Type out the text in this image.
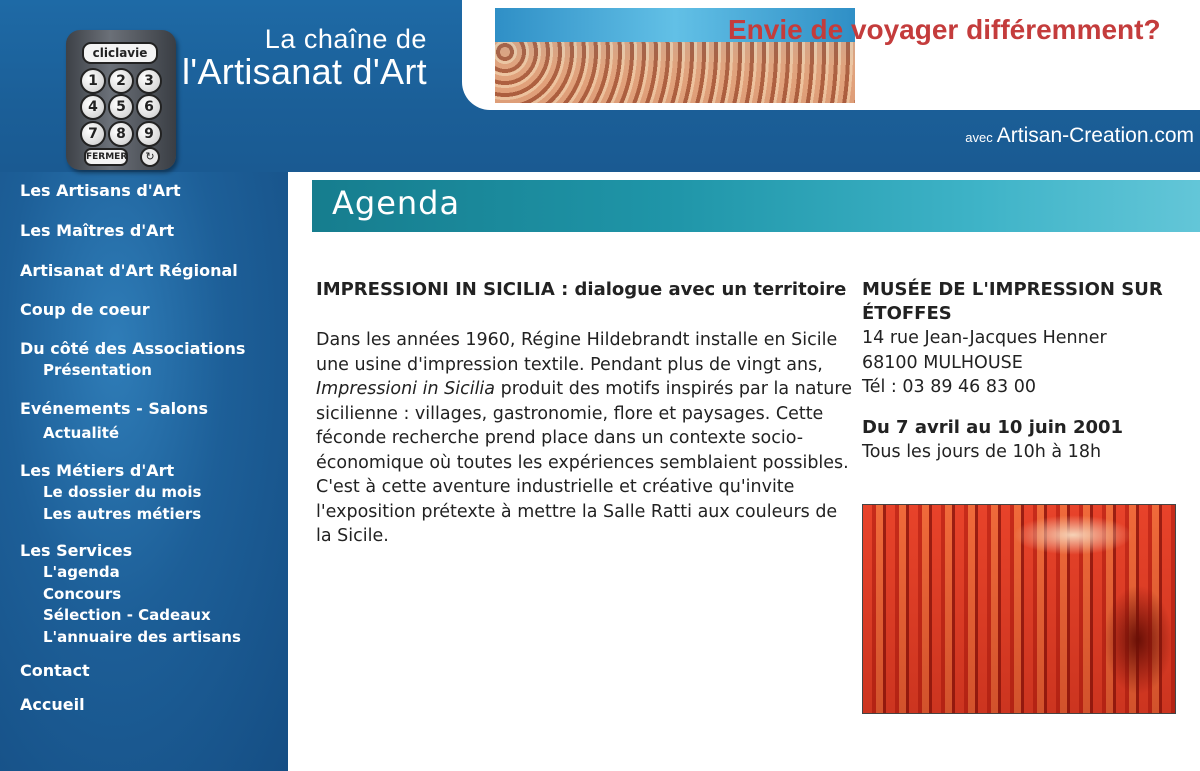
Envie de voyager différemment?
La chaîne de
l'Artisanat d'Art
avec Artisan-Creation.com
cliclavie
1	2	3
4	5	6
7	8	9
FERMER	↻
Les Artisans d'Art
Les Maîtres d'Art
Artisanat d'Art Régional
Coup de coeur
Du côté des Associations
Présentation
Evénements - Salons
Actualité
Les Métiers d'Art
Le dossier du mois
Les autres métiers
Les Services
L'agenda
Concours
Sélection - Cadeaux
L'annuaire des artisans
Contact
Accueil
Agenda
IMPRESSIONI IN SICILIA : dialogue avec un territoire

Dans les années 1960, Régine Hildebrandt installe en Sicile une usine d'impression textile. Pendant plus de vingt ans, Impressioni in Sicilia produit des motifs inspirés par la nature sicilienne : villages, gastronomie, flore et paysages. Cette féconde recherche prend place dans un contexte socio-économique où toutes les expériences semblaient possibles. C'est à cette aventure industrielle et créative qu'invite l'exposition prétexte à mettre la Salle Ratti aux couleurs de la Sicile.

MUSÉE DE L'IMPRESSION SUR ÉTOFFES
14 rue Jean-Jacques Henner
68100 MULHOUSE
Tél : 03 89 46 83 00
Du 7 avril au 10 juin 2001
Tous les jours de 10h à 18h
